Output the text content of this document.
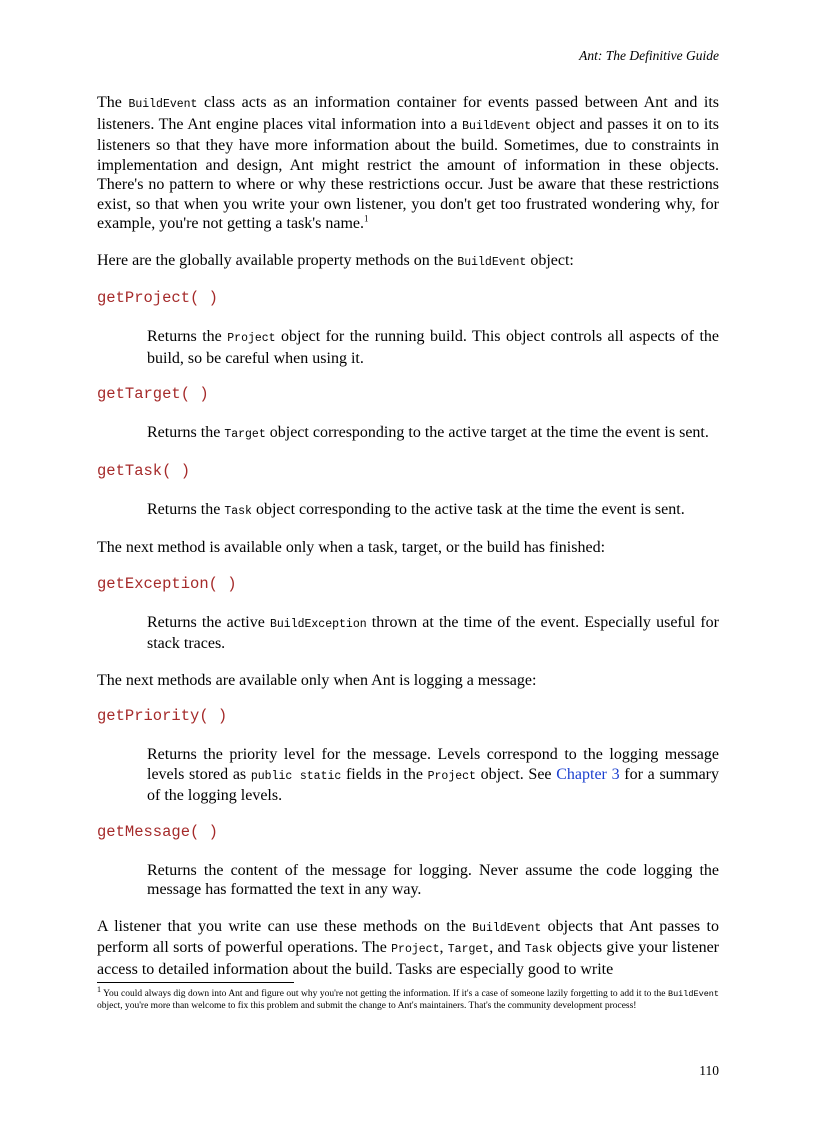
Ant: The Definitive Guide

The BuildEvent class acts as an information container for events passed between Ant and its listeners. The Ant engine places vital information into a BuildEvent object and passes it on to its listeners so that they have more information about the build. Sometimes, due to constraints in implementation and design, Ant might restrict the amount of information in these objects. There's no pattern to where or why these restrictions occur. Just be aware that these restrictions exist, so that when you write your own listener, you don't get too frustrated wondering why, for example, you're not getting a task's name.$^1$

Here are the globally available property methods on the BuildEvent object:

getProject( )

Returns the Project object for the running build. This object controls all aspects of the build, so be careful when using it.

getTarget( )

Returns the Target object corresponding to the active target at the time the event is sent.

getTask( )

Returns the Task object corresponding to the active task at the time the event is sent.

The next method is available only when a task, target, or the build has finished:

getException( )

Returns the active BuildException thrown at the time of the event. Especially useful for stack traces.

The next methods are available only when Ant is logging a message:

getPriority( )

Returns the priority level for the message. Levels correspond to the logging message levels stored as public static fields in the Project object. See Chapter 3 for a summary of the logging levels.

getMessage( )

Returns the content of the message for logging. Never assume the code logging the message has formatted the text in any way.

A listener that you write can use these methods on the BuildEvent objects that Ant passes to perform all sorts of powerful operations. The Project, Target, and Task objects give your listener access to detailed information about the build. Tasks are especially good to write

$^1$ You could always dig down into Ant and figure out why you're not getting the information. If it's a case of someone lazily forgetting to add it to the BuildEvent object, you're more than welcome to fix this problem and submit the change to Ant's maintainers. That's the community development process!

110
